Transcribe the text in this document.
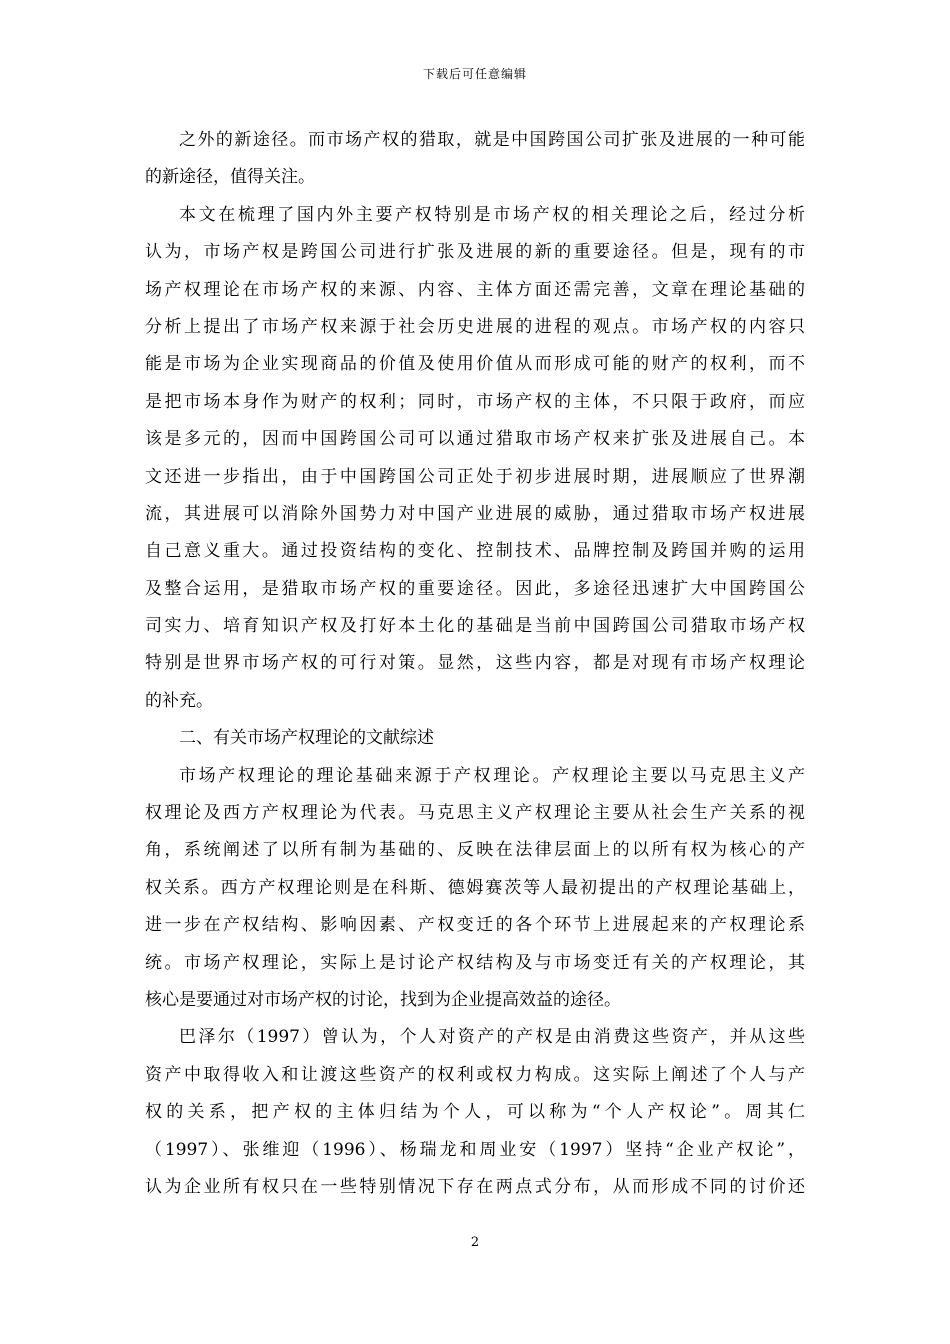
下载后可任意编辑
之外的新途径。而市场产权的猎取，就是中国跨国公司扩张及进展的一种可能
的新途径，值得关注。
本文在梳理了国内外主要产权特别是市场产权的相关理论之后，经过分析
认为，市场产权是跨国公司进行扩张及进展的新的重要途径。但是，现有的市
场产权理论在市场产权的来源、内容、主体方面还需完善，文章在理论基础的
分析上提出了市场产权来源于社会历史进展的进程的观点。市场产权的内容只
能是市场为企业实现商品的价值及使用价值从而形成可能的财产的权利，而不
是把市场本身作为财产的权利；同时，市场产权的主体，不只限于政府，而应
该是多元的，因而中国跨国公司可以通过猎取市场产权来扩张及进展自己。本
文还进一步指出，由于中国跨国公司正处于初步进展时期，进展顺应了世界潮
流，其进展可以消除外国势力对中国产业进展的威胁，通过猎取市场产权进展
自己意义重大。通过投资结构的变化、控制技术、品牌控制及跨国并购的运用
及整合运用，是猎取市场产权的重要途径。因此，多途径迅速扩大中国跨国公
司实力、培育知识产权及打好本土化的基础是当前中国跨国公司猎取市场产权
特别是世界市场产权的可行对策。显然，这些内容，都是对现有市场产权理论
的补充。
二、有关市场产权理论的文献综述
市场产权理论的理论基础来源于产权理论。产权理论主要以马克思主义产
权理论及西方产权理论为代表。马克思主义产权理论主要从社会生产关系的视
角，系统阐述了以所有制为基础的、反映在法律层面上的以所有权为核心的产
权关系。西方产权理论则是在科斯、德姆赛茨等人最初提出的产权理论基础上，
进一步在产权结构、影响因素、产权变迁的各个环节上进展起来的产权理论系
统。市场产权理论，实际上是讨论产权结构及与市场变迁有关的产权理论，其
核心是要通过对市场产权的讨论，找到为企业提高效益的途径。
巴泽尔（1997）曾认为，个人对资产的产权是由消费这些资产，并从这些
资产中取得收入和让渡这些资产的权利或权力构成。这实际上阐述了个人与产
权的关系，把产权的主体归结为个人，可以称为“个人产权论”。周其仁
（1997）、张维迎（1996）、杨瑞龙和周业安（1997）坚持“企业产权论”，
认为企业所有权只在一些特别情况下存在两点式分布，从而形成不同的讨价还
2
